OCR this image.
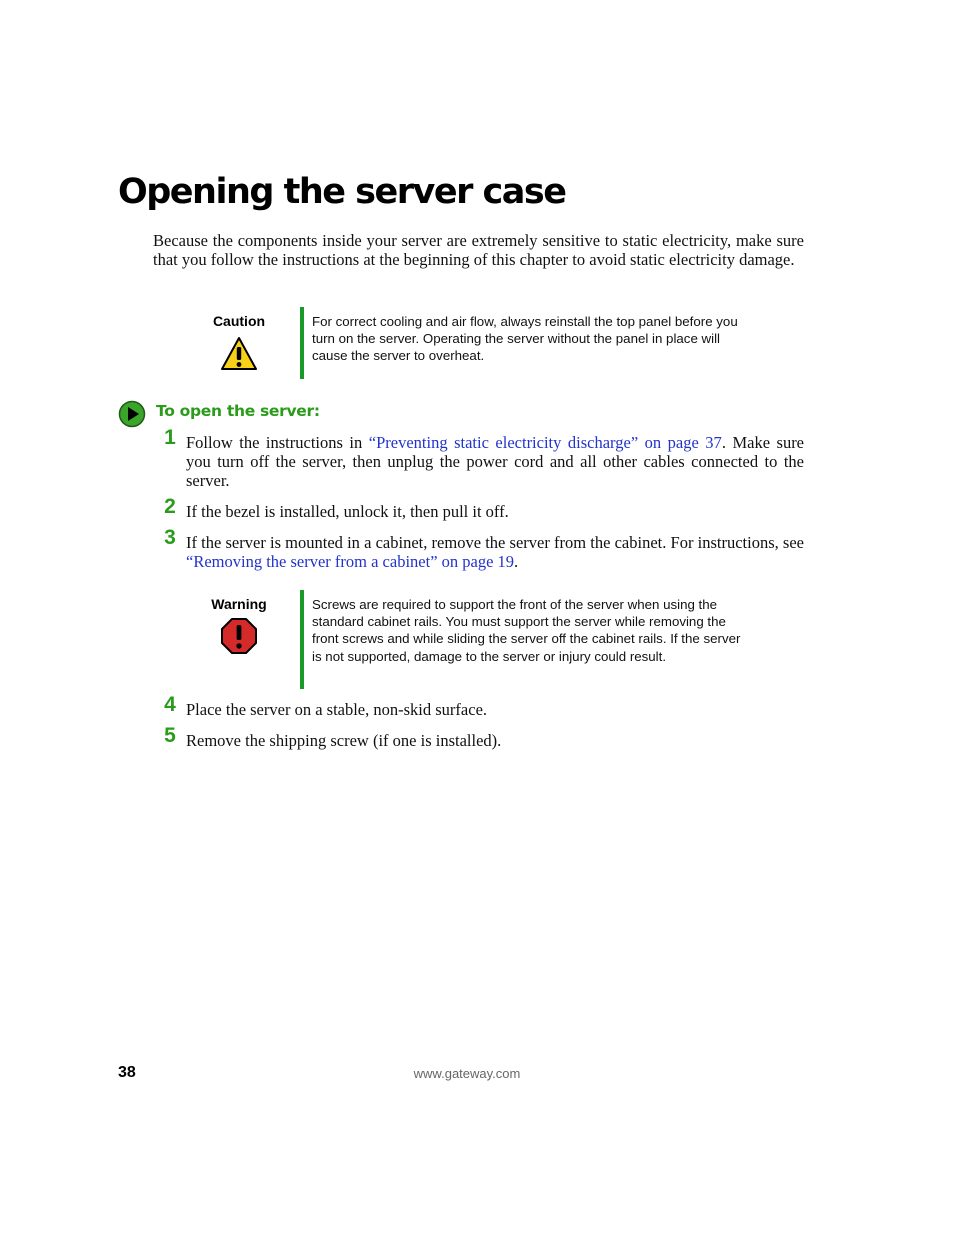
Opening the server case

Because the components inside your server are extremely sensitive to static electricity, make sure that you follow the instructions at the beginning of this chapter to avoid static electricity damage.

Caution	For correct cooling and air flow, always reinstall the top panel before you turn on the server. Operating the server without the panel in place will cause the server to overheat.

To open the server:
1 Follow the instructions in “Preventing static electricity discharge” on page 37. Make sure you turn off the server, then unplug the power cord and all other cables connected to the server.

2 If the bezel is installed, unlock it, then pull it off.

3 If the server is mounted in a cabinet, remove the server from the cabinet. For instructions, see “Removing the server from a cabinet” on page 19.

Warning	Screws are required to support the front of the server when using the standard cabinet rails. You must support the server while removing the front screws and while sliding the server off the cabinet rails. If the server is not supported, damage to the server or injury could result.

4 Place the server on a stable, non-skid surface.

5 Remove the shipping screw (if one is installed).

38	www.gateway.com
